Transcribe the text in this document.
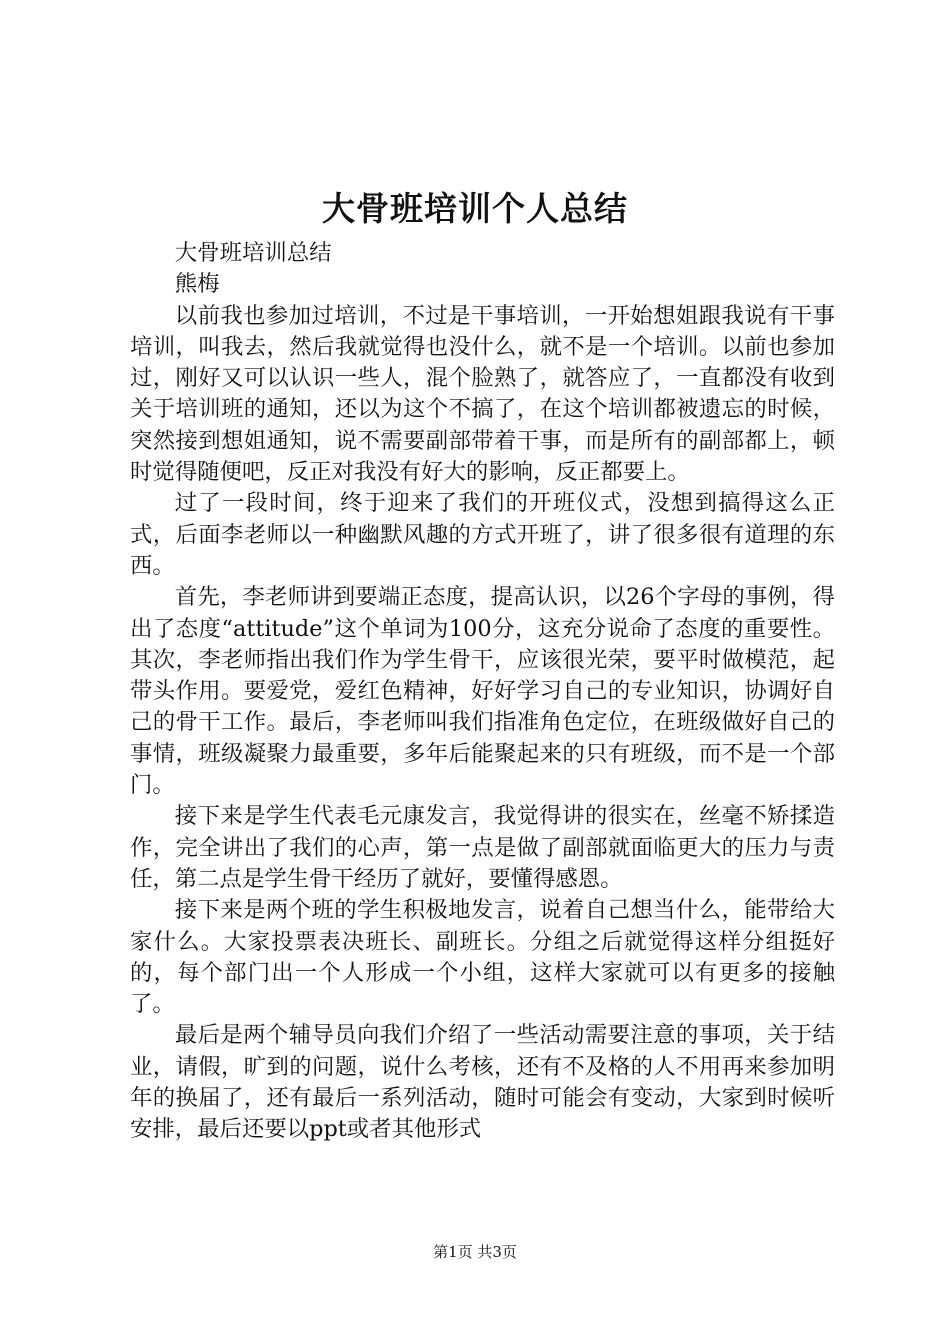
大骨班培训个人总结

大骨班培训总结

熊梅

以前我也参加过培训，不过是干事培训，一开始想姐跟我说有干事培训，叫我去，然后我就觉得也没什么，就不是一个培训。以前也参加过，刚好又可以认识一些人，混个脸熟了，就答应了，一直都没有收到关于培训班的通知，还以为这个不搞了，在这个培训都被遗忘的时候，突然接到想姐通知，说不需要副部带着干事，而是所有的副部都上，顿时觉得随便吧，反正对我没有好大的影响，反正都要上。

过了一段时间，终于迎来了我们的开班仪式，没想到搞得这么正式，后面李老师以一种幽默风趣的方式开班了，讲了很多很有道理的东西。

首先，李老师讲到要端正态度，提高认识，以26个字母的事例，得出了态度“attitude”这个单词为100分，这充分说命了态度的重要性。其次，李老师指出我们作为学生骨干，应该很光荣，要平时做模范，起带头作用。要爱党，爱红色精神，好好学习自己的专业知识，协调好自己的骨干工作。最后，李老师叫我们指准角色定位，在班级做好自己的事情，班级凝聚力最重要，多年后能聚起来的只有班级，而不是一个部门。

接下来是学生代表毛元康发言，我觉得讲的很实在，丝毫不矫揉造作，完全讲出了我们的心声，第一点是做了副部就面临更大的压力与责任，第二点是学生骨干经历了就好，要懂得感恩。

接下来是两个班的学生积极地发言，说着自己想当什么，能带给大家什么。大家投票表决班长、副班长。分组之后就觉得这样分组挺好的，每个部门出一个人形成一个小组，这样大家就可以有更多的接触了。

最后是两个辅导员向我们介绍了一些活动需要注意的事项，关于结业，请假，旷到的问题，说什么考核，还有不及格的人不用再来参加明年的换届了，还有最后一系列活动，随时可能会有变动，大家到时候听安排，最后还要以ppt或者其他形式

第1页 共3页
